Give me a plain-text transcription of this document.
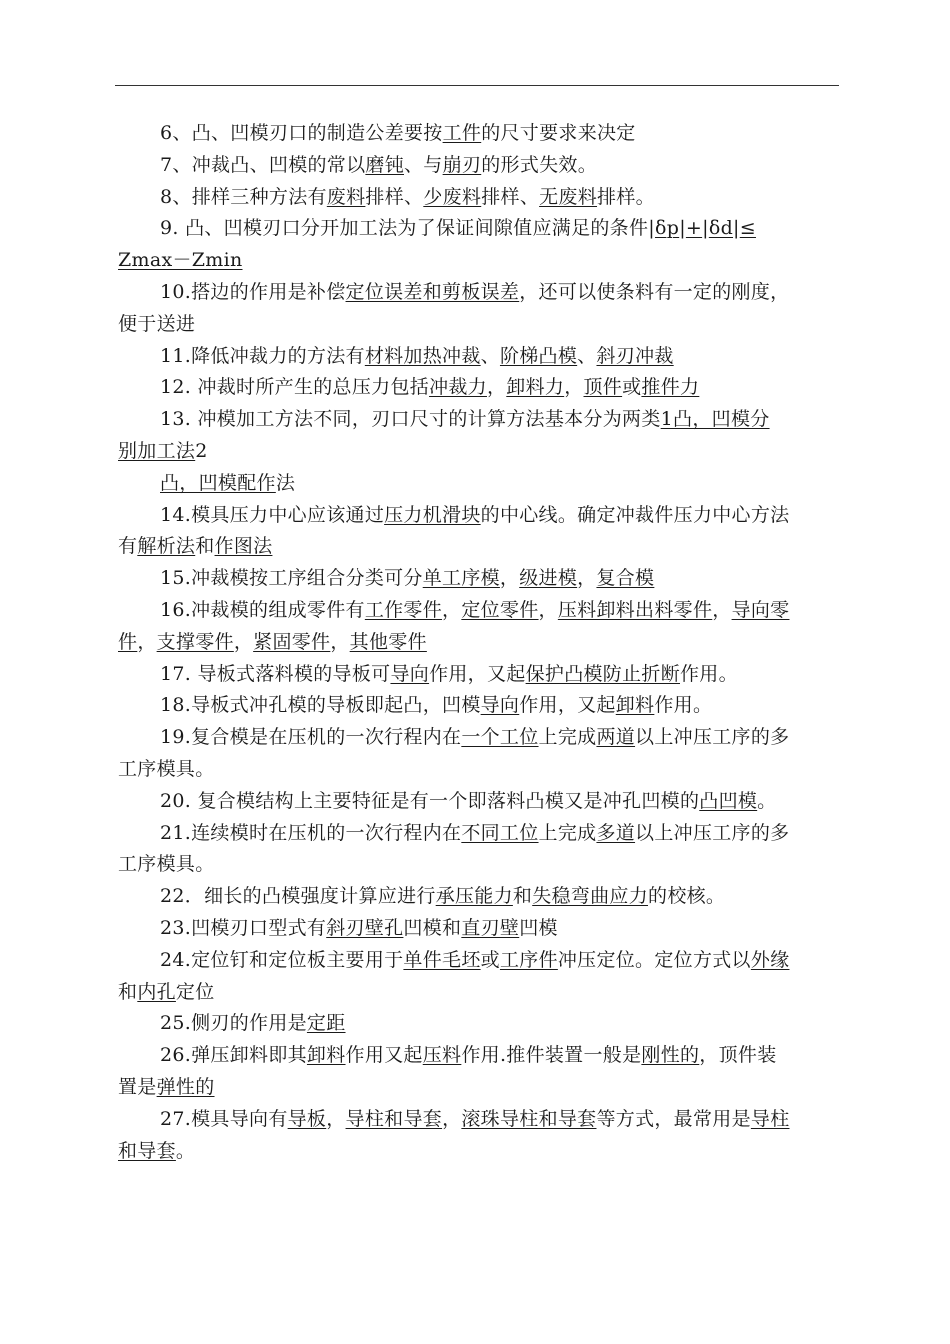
6、凸、凹模刃口的制造公差要按工件的尺寸要求来决定
7、冲裁凸、凹模的常以磨钝、与崩刃的形式失效。
8、排样三种方法有废料排样、少废料排样、无废料排样。
9. 凸、凹模刃口分开加工法为了保证间隙值应满足的条件|δp|+|δd|≤
Zmax－Zmin
10.搭边的作用是补偿定位误差和剪板误差，还可以使条料有一定的刚度，
便于送进
11.降低冲裁力的方法有材料加热冲裁、阶梯凸模、斜刃冲裁
12. 冲裁时所产生的总压力包括冲裁力，卸料力，顶件或推件力
13. 冲模加工方法不同，刃口尺寸的计算方法基本分为两类1凸，凹模分
别加工法2
凸，凹模配作法
14.模具压力中心应该通过压力机滑块的中心线。确定冲裁件压力中心方法
有解析法和作图法
15.冲裁模按工序组合分类可分单工序模，级进模，复合模
16.冲裁模的组成零件有工作零件，定位零件，压料卸料出料零件，导向零
件，支撑零件，紧固零件，其他零件
17. 导板式落料模的导板可导向作用，又起保护凸模防止折断作用。
18.导板式冲孔模的导板即起凸，凹模导向作用，又起卸料作用。
19.复合模是在压机的一次行程内在一个工位上完成两道以上冲压工序的多
工序模具。
20. 复合模结构上主要特征是有一个即落料凸模又是冲孔凹模的凸凹模。
21.连续模时在压机的一次行程内在不同工位上完成多道以上冲压工序的多
工序模具。
22．细长的凸模强度计算应进行承压能力和失稳弯曲应力的校核。
23.凹模刃口型式有斜刃壁孔凹模和直刃壁凹模
24.定位钉和定位板主要用于单件毛坯或工序件冲压定位。定位方式以外缘
和内孔定位
25.侧刃的作用是定距
26.弹压卸料即其卸料作用又起压料作用.推件装置一般是刚性的，顶件装
置是弹性的
27.模具导向有导板，导柱和导套，滚珠导柱和导套等方式，最常用是导柱
和导套。
